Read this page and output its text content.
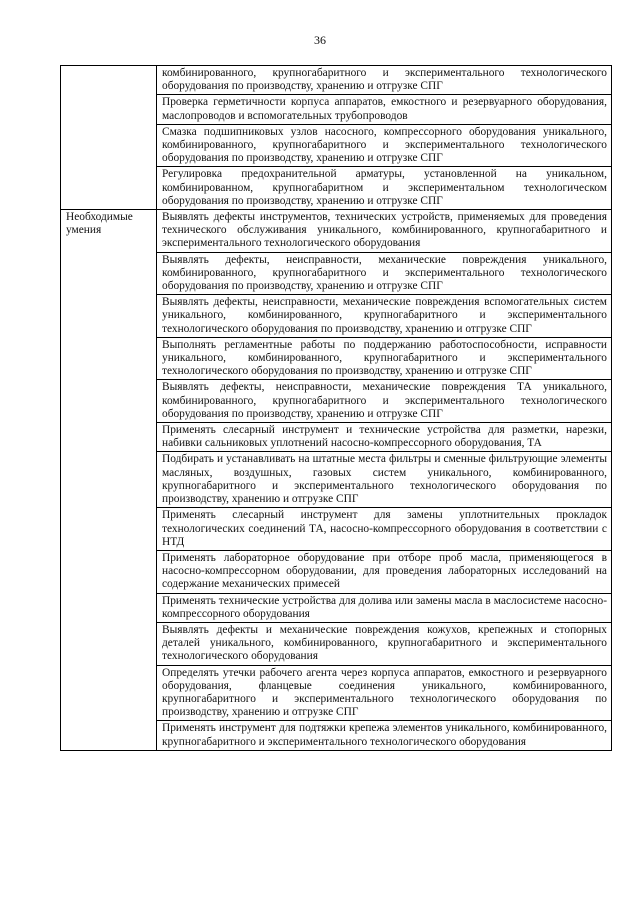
36
	комбинированного, крупногабаритного и экспериментального технологического оборудования по производству, хранению и отгрузке СПГ
	Проверка герметичности корпуса аппаратов, емкостного и резервуарного оборудования, маслопроводов и вспомогательных трубопроводов
	Смазка подшипниковых узлов насосного, компрессорного оборудования уникального, комбинированного, крупногабаритного и экспериментального технологического оборудования по производству, хранению и отгрузке СПГ
	Регулировка предохранительной арматуры, установленной на уникальном, комбинированном, крупногабаритном и экспериментальном технологическом оборудования по производству, хранению и отгрузке СПГ
Необходимые умения	Выявлять дефекты инструментов, технических устройств, применяемых для проведения технического обслуживания уникального, комбинированного, крупногабаритного и экспериментального технологического оборудования
	Выявлять дефекты, неисправности, механические повреждения уникального, комбинированного, крупногабаритного и экспериментального технологического оборудования по производству, хранению и отгрузке СПГ
	Выявлять дефекты, неисправности, механические повреждения вспомогательных систем уникального, комбинированного, крупногабаритного и экспериментального технологического оборудования по производству, хранению и отгрузке СПГ
	Выполнять регламентные работы по поддержанию работоспособности, исправности уникального, комбинированного, крупногабаритного и экспериментального технологического оборудования по производству, хранению и отгрузке СПГ
	Выявлять дефекты, неисправности, механические повреждения ТА уникального, комбинированного, крупногабаритного и экспериментального технологического оборудования по производству, хранению и отгрузке СПГ
	Применять слесарный инструмент и технические устройства для разметки, нарезки, набивки сальниковых уплотнений насосно-компрессорного оборудования, ТА
	Подбирать и устанавливать на штатные места фильтры и сменные фильтрующие элементы масляных, воздушных, газовых систем уникального, комбинированного, крупногабаритного и экспериментального технологического оборудования по производству, хранению и отгрузке СПГ
	Применять слесарный инструмент для замены уплотнительных прокладок технологических соединений ТА, насосно-компрессорного оборудования в соответствии с НТД
	Применять лабораторное оборудование при отборе проб масла, применяющегося в насосно-компрессорном оборудовании, для проведения лабораторных исследований на содержание механических примесей
	Применять технические устройства для долива или замены масла в маслосистеме насосно-компрессорного оборудования
	Выявлять дефекты и механические повреждения кожухов, крепежных и стопорных деталей уникального, комбинированного, крупногабаритного и экспериментального технологического оборудования
	Определять утечки рабочего агента через корпуса аппаратов, емкостного и резервуарного оборудования, фланцевые соединения уникального, комбинированного, крупногабаритного и экспериментального технологического оборудования по производству, хранению и отгрузке СПГ
	Применять инструмент для подтяжки крепежа элементов уникального, комбинированного, крупногабаритного и экспериментального технологического оборудования
